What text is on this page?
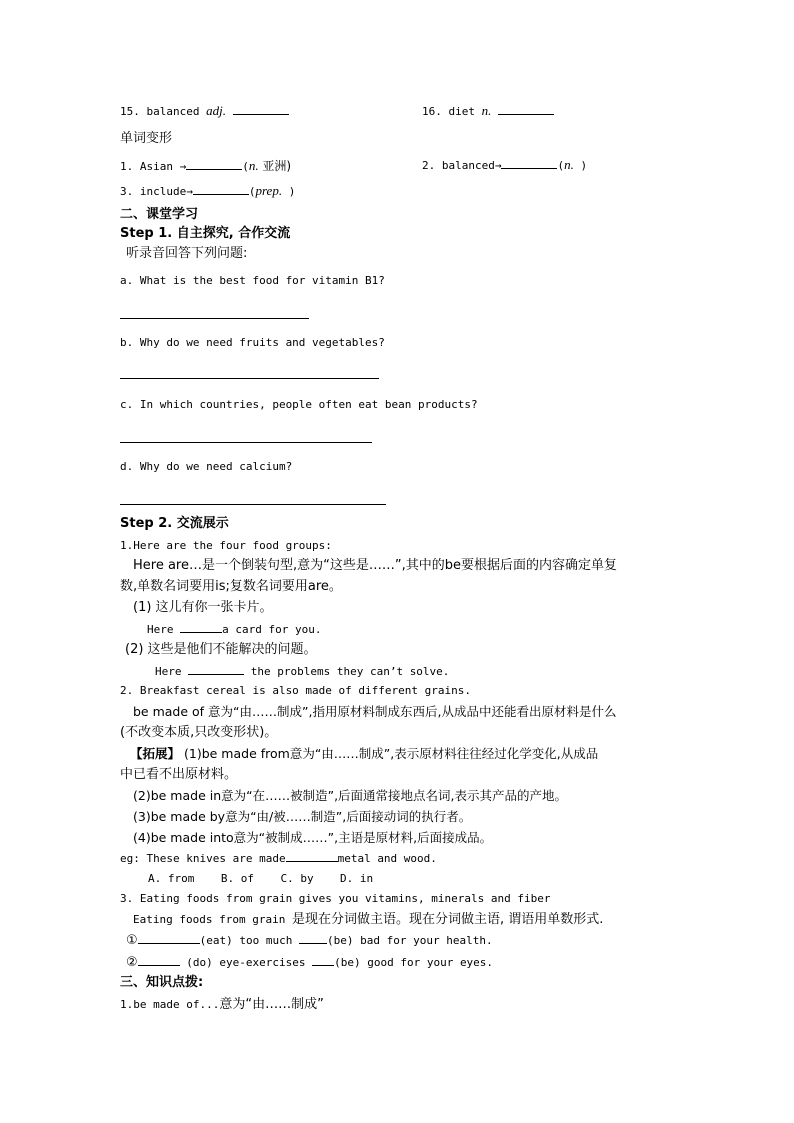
15. balanced adj.	16. diet n.
单词变形
1. Asian →	(n. 亚洲)	2. balanced→	(n. )
3. include→	(prep. )
二、课堂学习
Step 1. 自主探究, 合作交流
听录音回答下列问题:
a. What is the best food for vitamin B1?
b. Why do we need fruits and vegetables?
c. In which countries, people often eat bean products?
d. Why do we need calcium?
Step 2. 交流展示
1.Here are the four food groups:
Here are…是一个倒装句型,意为“这些是……”,其中的be要根据后面的内容确定单复
数,单数名词要用is;复数名词要用are。
(1) 这儿有你一张卡片。
Here	a card for you.
(2) 这些是他们不能解决的问题。
Here	the problems they can’t solve.
2. Breakfast cereal is also made of different grains.
be made of 意为“由……制成”,指用原材料制成东西后,从成品中还能看出原材料是什么
(不改变本质,只改变形状)。
【拓展】 (1)be made from意为“由……制成”,表示原材料往往经过化学变化,从成品
中已看不出原材料。
(2)be made in意为“在……被制造”,后面通常接地点名词,表示其产品的产地。
(3)be made by意为“由/被……制造”,后面接动词的执行者。
(4)be made into意为“被制成……”,主语是原材料,后面接成品。
eg: These knives are made	metal and wood.
A. from    B. of    C. by    D. in
3. Eating foods from grain gives you vitamins, minerals and fiber
Eating foods from grain 是现在分词做主语。现在分词做主语, 谓语用单数形式.
①	(eat) too much	(be) bad for your health.
②	(do) eye-exercises (be) good for your eyes.
三、知识点拨:
1.be made of...意为“由……制成”
